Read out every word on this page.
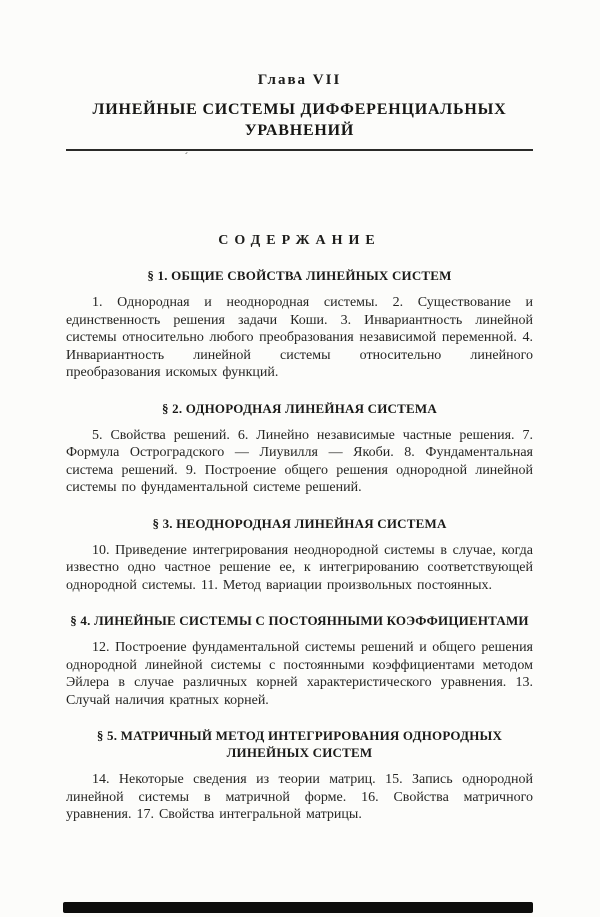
Глава VII
ЛИНЕЙНЫЕ СИСТЕМЫ ДИФФЕРЕНЦИАЛЬНЫХ УРАВНЕНИЙ
ˊ
СОДЕРЖАНИЕ
§ 1. ОБЩИЕ СВОЙСТВА ЛИНЕЙНЫХ СИСТЕМ

1. Однородная и неоднородная системы. 2. Существование и единственность решения задачи Коши. 3. Инвариантность линейной системы относительно любого преобразования независимой переменной. 4. Инвариантность линейной системы относительно линейного преобразования искомых функций.

§ 2. ОДНОРОДНАЯ ЛИНЕЙНАЯ СИСТЕМА

5. Свойства решений. 6. Линейно независимые частные решения. 7. Формула Остроградского — Лиувилля — Якоби. 8. Фундаментальная система решений. 9. Построение общего решения однородной линейной системы по фундаментальной системе решений.

§ 3. НЕОДНОРОДНАЯ ЛИНЕЙНАЯ СИСТЕМА

10. Приведение интегрирования неоднородной системы в случае, когда известно одно частное решение ее, к интегрированию соответствующей однородной системы. 11. Метод вариации произвольных постоянных.

§ 4. ЛИНЕЙНЫЕ СИСТЕМЫ С ПОСТОЯННЫМИ КОЭФФИЦИЕНТАМИ

12. Построение фундаментальной системы решений и общего решения однородной линейной системы с постоянными коэффициентами методом Эйлера в случае различных корней характеристического уравнения. 13. Случай наличия кратных корней.

§ 5. МАТРИЧНЫЙ МЕТОД ИНТЕГРИРОВАНИЯ ОДНОРОДНЫХ ЛИНЕЙНЫХ СИСТЕМ

14. Некоторые сведения из теории матриц. 15. Запись однородной линейной системы в матричной форме. 16. Свойства матричного уравнения. 17. Свойства интегральной матрицы.
